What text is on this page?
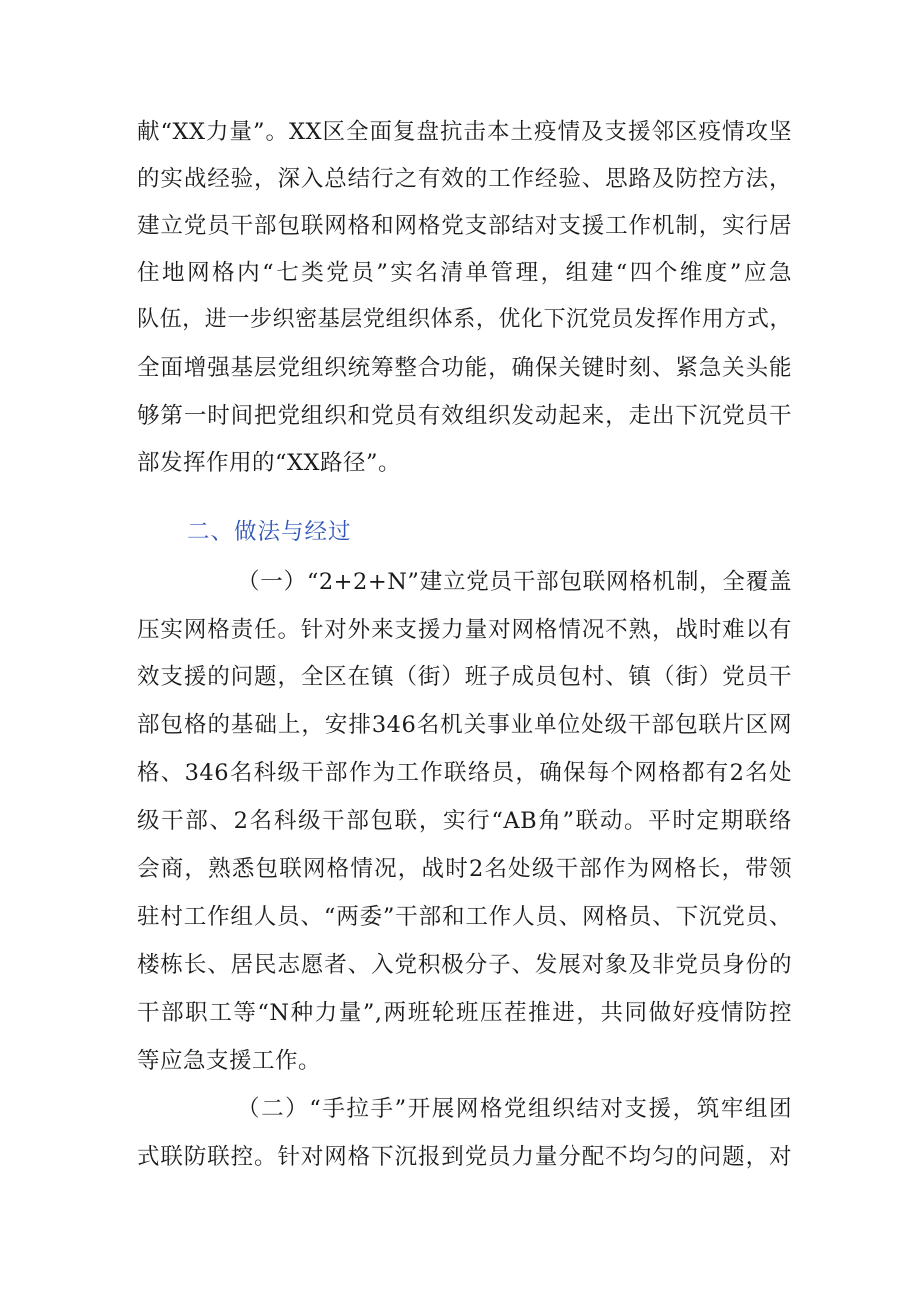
献“XX力量”。XX区全面复盘抗击本土疫情及支援邻区疫情攻坚
的实战经验，深入总结行之有效的工作经验、思路及防控方法，
建立党员干部包联网格和网格党支部结对支援工作机制，实行居
住地网格内“七类党员”实名清单管理，组建“四个维度”应急
队伍，进一步织密基层党组织体系，优化下沉党员发挥作用方式，
全面增强基层党组织统筹整合功能，确保关键时刻、紧急关头能
够第一时间把党组织和党员有效组织发动起来，走出下沉党员干
部发挥作用的“XX路径”。
二、做法与经过
（一）“2+2+N”建立党员干部包联网格机制，全覆盖
压实网格责任。针对外来支援力量对网格情况不熟，战时难以有
效支援的问题，全区在镇（街）班子成员包村、镇（街）党员干
部包格的基础上，安排346名机关事业单位处级干部包联片区网
格、346名科级干部作为工作联络员，确保每个网格都有2名处
级干部、2名科级干部包联，实行“AB角”联动。平时定期联络
会商，熟悉包联网格情况，战时2名处级干部作为网格长，带领
驻村工作组人员、“两委”干部和工作人员、网格员、下沉党员、
楼栋长、居民志愿者、入党积极分子、发展对象及非党员身份的
干部职工等“N种力量”,两班轮班压茬推进，共同做好疫情防控
等应急支援工作。
（二）“手拉手”开展网格党组织结对支援，筑牢组团
式联防联控。针对网格下沉报到党员力量分配不均匀的问题，对
